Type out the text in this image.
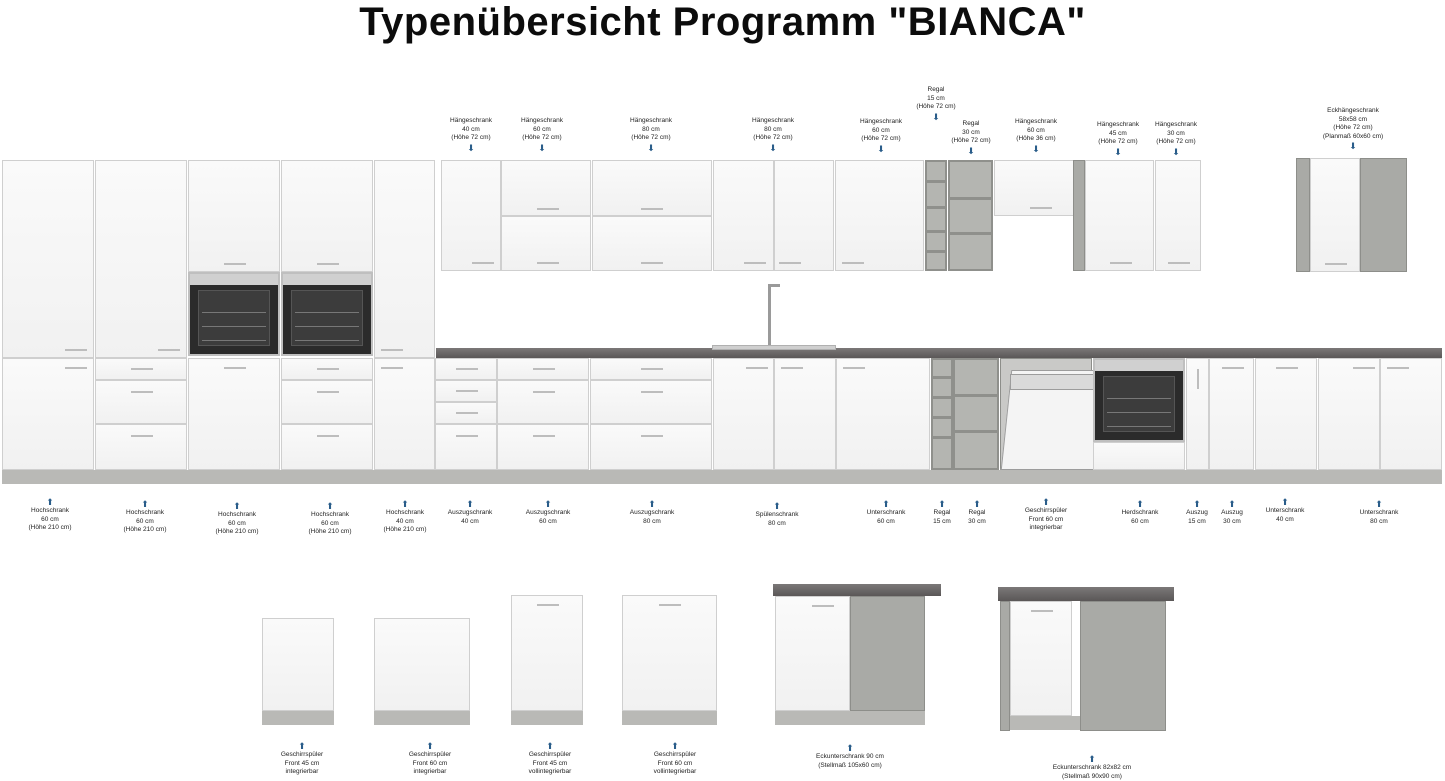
Typenübersicht Programm "BIANCA"
Hängeschrank
40 cm
(Höhe 72 cm)
⬇
Hängeschrank
60 cm
(Höhe 72 cm)
⬇
Hängeschrank
80 cm
(Höhe 72 cm)
⬇
Hängeschrank
80 cm
(Höhe 72 cm)
⬇
Hängeschrank
60 cm
(Höhe 72 cm)
⬇
Regal
15 cm
(Höhe 72 cm)
⬇
Regal
30 cm
(Höhe 72 cm)
⬇
Hängeschrank
60 cm
(Höhe 36 cm)
⬇
Hängeschrank
45 cm
(Höhe 72 cm)
⬇
Hängeschrank
30 cm
(Höhe 72 cm)
⬇
Eckhängeschrank
58x58 cm
(Höhe 72 cm)
(Planmaß 60x60 cm)
⬇
⬆
Hochschrank
60 cm
(Höhe 210 cm)
⬆
Hochschrank
60 cm
(Höhe 210 cm)
⬆
Hochschrank
60 cm
(Höhe 210 cm)
⬆
Hochschrank
60 cm
(Höhe 210 cm)
⬆
Hochschrank
40 cm
(Höhe 210 cm)
⬆
Auszugschrank
40 cm
⬆
Auszugschrank
60 cm
⬆
Auszugschrank
80 cm
⬆
Spülenschrank
80 cm
⬆
Unterschrank
60 cm
⬆
Regal
15 cm
⬆
Regal
30 cm
⬆
Geschirrspüler
Front 60 cm
integrierbar
⬆
Herdschrank
60 cm
⬆
Auszug
15 cm
⬆
Auszug
30 cm
⬆
Unterschrank
40 cm
⬆
Unterschrank
80 cm
⬆
Geschirrspüler
Front 45 cm
integrierbar
⬆
Geschirrspüler
Front 60 cm
integrierbar
⬆
Geschirrspüler
Front 45 cm
vollintegrierbar
⬆
Geschirrspüler
Front 60 cm
vollintegrierbar
⬆
Eckunterschrank 90 cm
(Stellmaß 105x60 cm)
⬆
Eckunterschrank 82x82 cm
(Stellmaß 90x90 cm)
